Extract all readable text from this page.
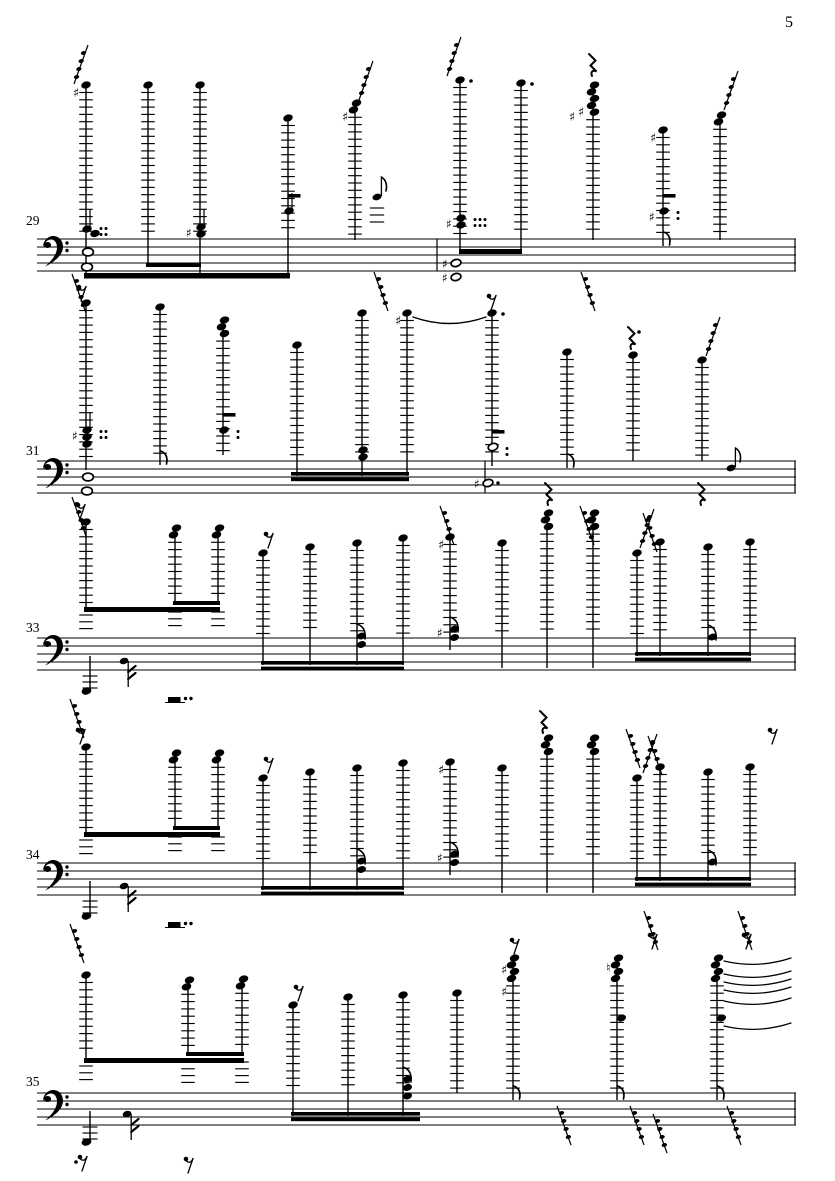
♯
♯
♯
♯
♯ ♯
♯
♯
♯
♯
♯
♯
♯
♯
♯
♯
♯
♯
♯
♮
5
29
31
33
34
35
